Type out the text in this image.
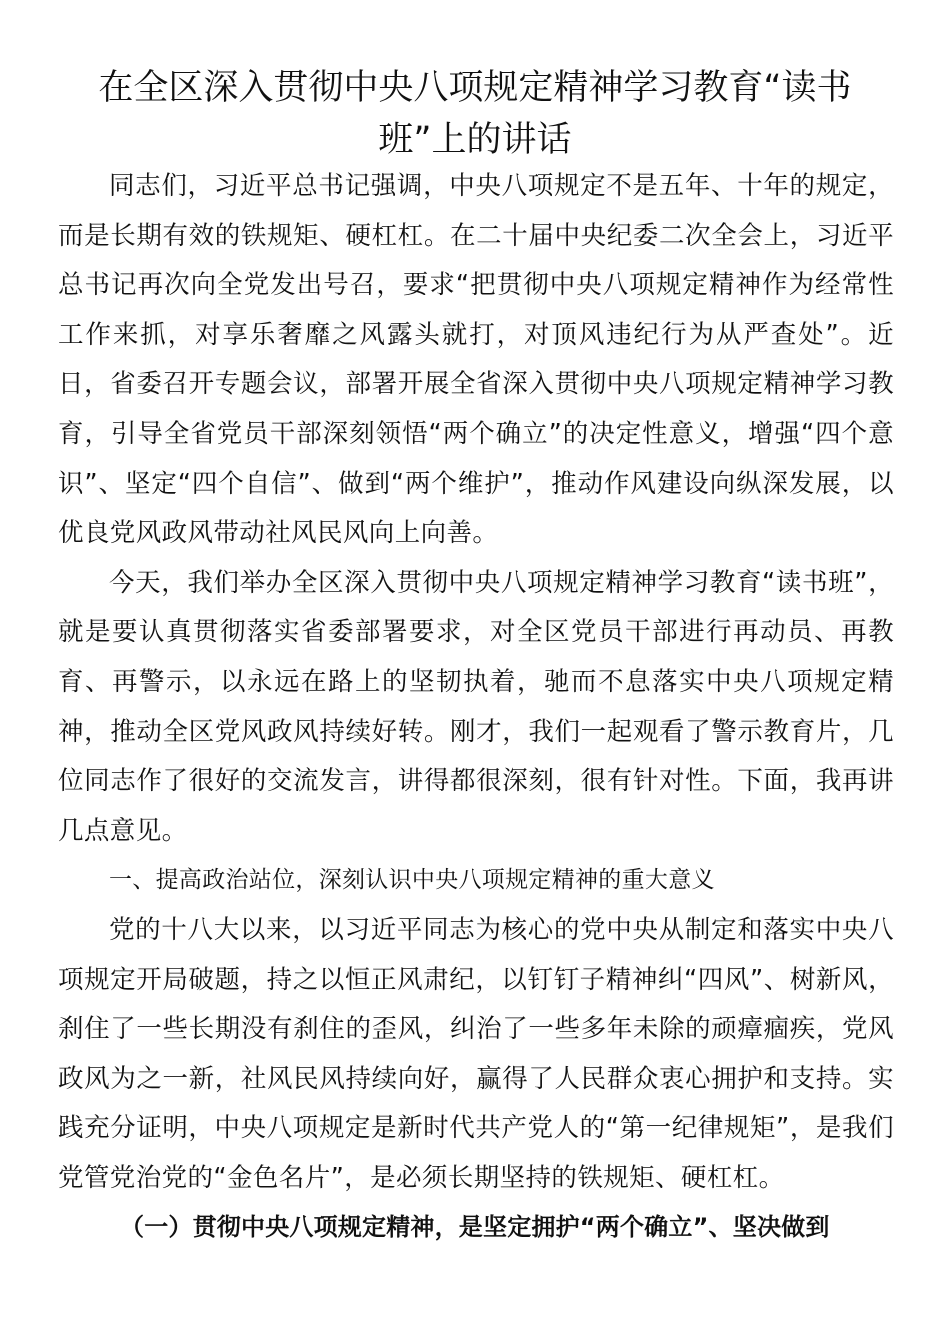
在全区深入贯彻中央八项规定精神学习教育“读书班”上的讲话

同志们，习近平总书记强调，中央八项规定不是五年、十年的规定，而是长期有效的铁规矩、硬杠杠。在二十届中央纪委二次全会上，习近平总书记再次向全党发出号召，要求“把贯彻中央八项规定精神作为经常性工作来抓，对享乐奢靡之风露头就打，对顶风违纪行为从严查处”。近日，省委召开专题会议，部署开展全省深入贯彻中央八项规定精神学习教育，引导全省党员干部深刻领悟“两个确立”的决定性意义，增强“四个意识”、坚定“四个自信”、做到“两个维护”，推动作风建设向纵深发展，以优良党风政风带动社风民风向上向善。

今天，我们举办全区深入贯彻中央八项规定精神学习教育“读书班”，就是要认真贯彻落实省委部署要求，对全区党员干部进行再动员、再教育、再警示，以永远在路上的坚韧执着，驰而不息落实中央八项规定精神，推动全区党风政风持续好转。刚才，我们一起观看了警示教育片，几位同志作了很好的交流发言，讲得都很深刻，很有针对性。下面，我再讲几点意见。

一、提高政治站位，深刻认识中央八项规定精神的重大意义

党的十八大以来，以习近平同志为核心的党中央从制定和落实中央八项规定开局破题，持之以恒正风肃纪，以钉钉子精神纠“四风”、树新风，刹住了一些长期没有刹住的歪风，纠治了一些多年未除的顽瘴痼疾，党风政风为之一新，社风民风持续向好，赢得了人民群众衷心拥护和支持。实践充分证明，中央八项规定是新时代共产党人的“第一纪律规矩”，是我们党管党治党的“金色名片”，是必须长期坚持的铁规矩、硬杠杠。

（一）贯彻中央八项规定精神，是坚定拥护“两个确立”、坚决做到
